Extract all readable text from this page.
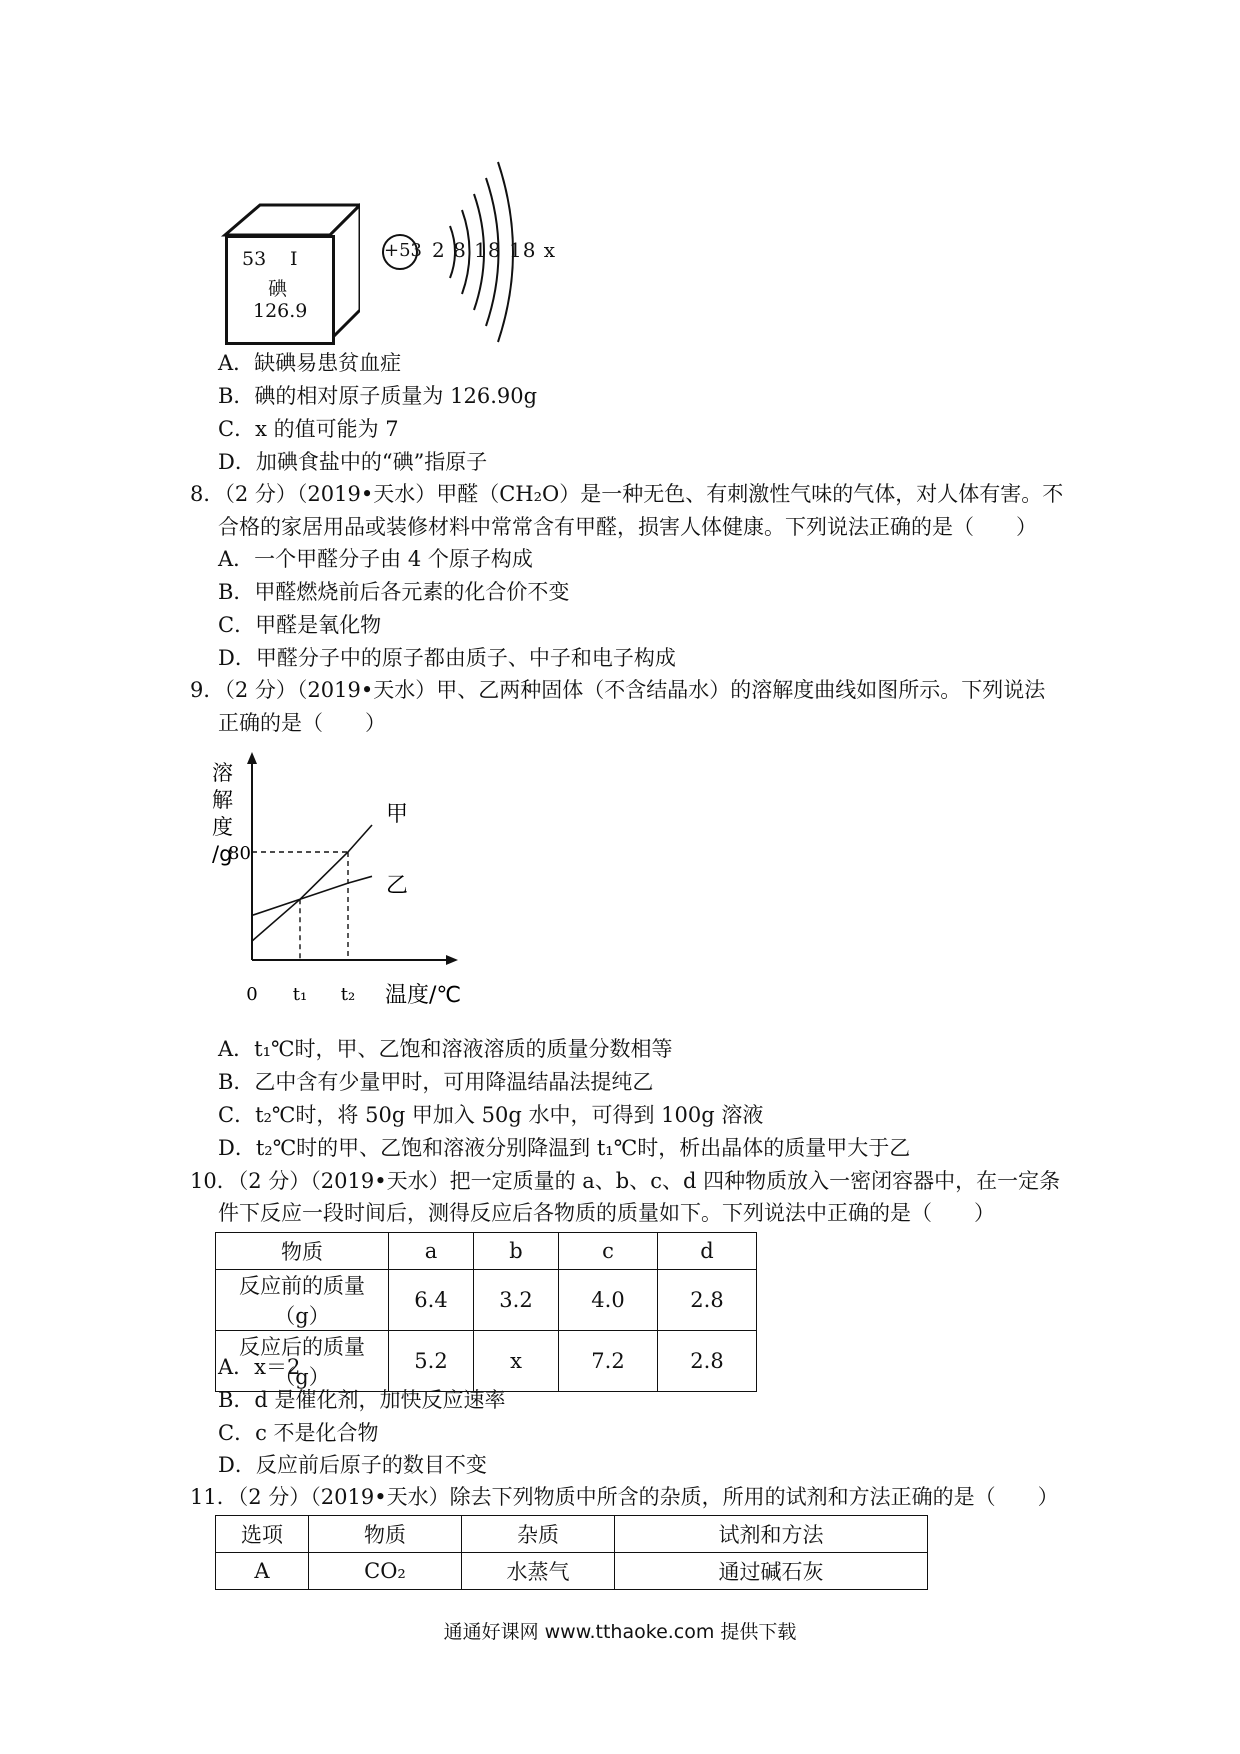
53 I
碘
126.9
+53 2 8 18 18 x
A．缺碘易患贫血症
B．碘的相对原子质量为 126.90g
C．x 的值可能为 7
D．加碘食盐中的“碘”指原子
8．（2 分）（2019•天水）甲醛（CH₂O）是一种无色、有刺激性气味的气体，对人体有害。不
合格的家居用品或装修材料中常常含有甲醛，损害人体健康。下列说法正确的是（　　）
A．一个甲醛分子由 4 个原子构成
B．甲醛燃烧前后各元素的化合价不变
C．甲醛是氧化物
D．甲醛分子中的原子都由质子、中子和电子构成
9．（2 分）（2019•天水）甲、乙两种固体（不含结晶水）的溶解度曲线如图所示。下列说法
正确的是（　　）
甲
乙
溶
解
度
/g
80
0 t₁ t₂ 温度/℃
A．t₁℃时，甲、乙饱和溶液溶质的质量分数相等
B．乙中含有少量甲时，可用降温结晶法提纯乙
C．t₂℃时，将 50g 甲加入 50g 水中，可得到 100g 溶液
D．t₂℃时的甲、乙饱和溶液分别降温到 t₁℃时，析出晶体的质量甲大于乙
10．（2 分）（2019•天水）把一定质量的 a、b、c、d 四种物质放入一密闭容器中，在一定条
件下反应一段时间后，测得反应后各物质的质量如下。下列说法中正确的是（　　）
物质	a	b	c	d
反应前的质量（g）	6.4	3.2	4.0	2.8
反应后的质量（g）	5.2	x	7.2	2.8
A．x＝2
B．d 是催化剂，加快反应速率
C．c 不是化合物
D．反应前后原子的数目不变
11．（2 分）（2019•天水）除去下列物质中所含的杂质，所用的试剂和方法正确的是（　　）
选项	物质	杂质	试剂和方法
A	CO₂	水蒸气	通过碱石灰
通通好课网 www.tthaoke.com 提供下载
